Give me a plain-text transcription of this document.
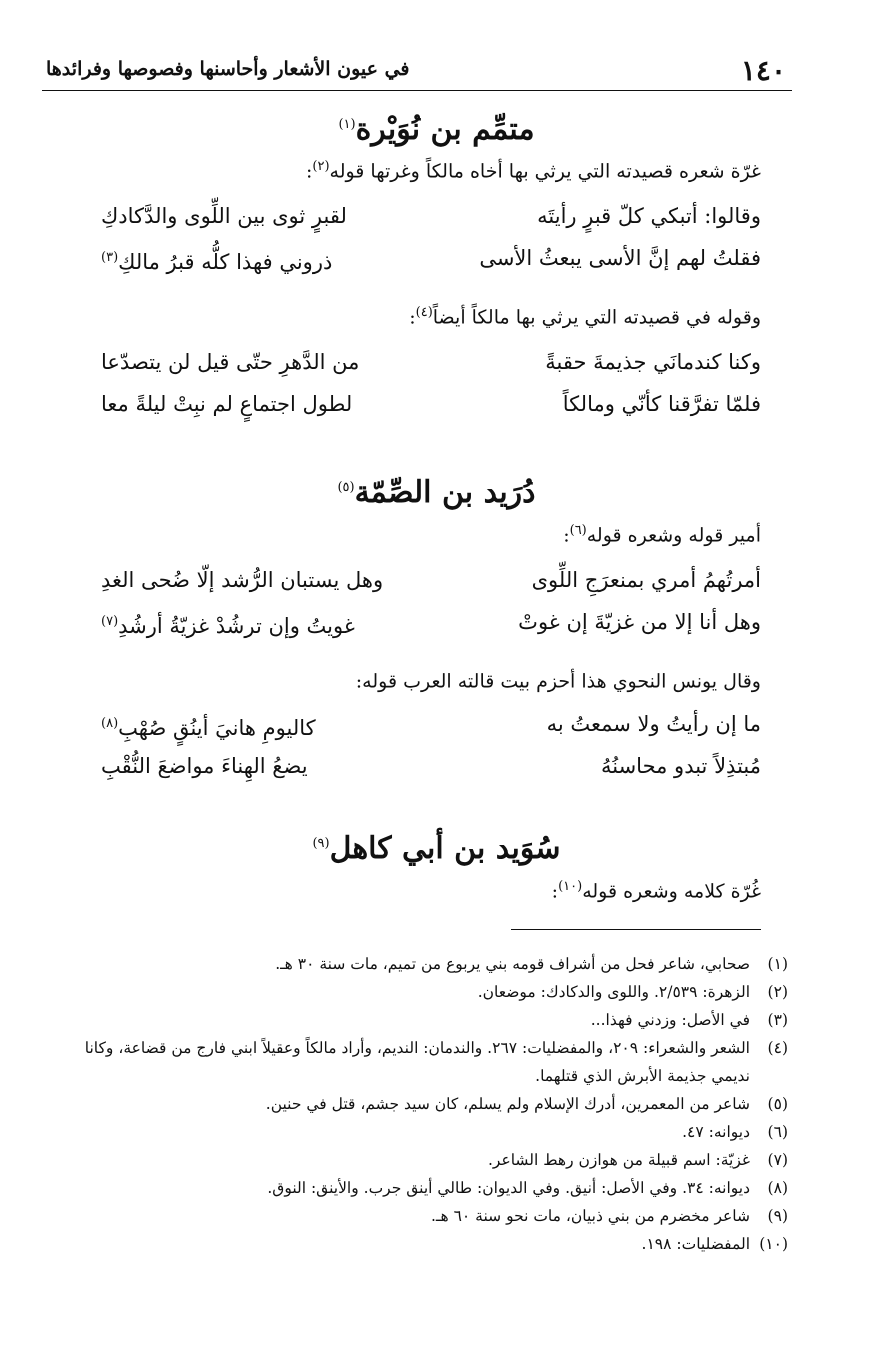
١٤٠
في عيون الأشعار وأحاسنها وفصوصها وفرائدها
متمِّم بن نُوَيْرة$^{(١)}$
غرّة شعره قصيدته التي يرثي بها أخاه مالكاً وغرتها قوله$^{(٢)}$:
وقالوا: أتبكي كلّ قبرٍ رأيتَه
لقبرٍ ثوى بين اللِّوى والدَّكادكِ
فقلتُ لهم إنَّ الأسى يبعثُ الأسى
ذروني فهذا كلُّه قبرُ مالكِ$^{(٣)}$
وقوله في قصيدته التي يرثي بها مالكاً أيضاً$^{(٤)}$:
وكنا كندمانَي جذيمةَ حقبةً
من الدَّهرِ حتّى قيل لن يتصدّعا
فلمّا تفرَّقنا كأنّي ومالكاً
لطول اجتماعٍ لم نبِتْ ليلةً معا
دُرَيد بن الصِّمّة$^{(٥)}$
أمير قوله وشعره قوله$^{(٦)}$:
أمرتُهمُ أمري بمنعرَجِ اللِّوى
وهل يستبان الرُّشد إلّا ضُحى الغدِ
وهل أنا إلا من غزيّةَ إن غوتْ
غويتُ وإن ترشُدْ غزيّةُ أرشُدِ$^{(٧)}$
وقال يونس النحوي هذا أحزم بيت قالته العرب قوله:
ما إن رأيتُ ولا سمعتُ به
كاليومِ هانيَ أينُقٍ صُهْبِ$^{(٨)}$
مُبتذِلاً تبدو محاسنُهُ
يضعُ الهِناءَ مواضعَ النُّقْبِ
سُوَيد بن أبي كاهل$^{(٩)}$
غُرّة كلامه وشعره قوله$^{(١٠)}$:
(١)
صحابي، شاعر فحل من أشراف قومه بني يربوع من تميم، مات سنة ٣٠ هـ.
(٢)
الزهرة: ٢/٥٣٩. واللوى والدكادك: موضعان.
(٣)
في الأصل: وزدني فهذا...
(٤)
الشعر والشعراء: ٢٠٩، والمفضليات: ٢٦٧. والندمان: النديم، وأراد مالكاً وعقيلاً ابني فارج من قضاعة، وكانا نديمي جذيمة الأبرش الذي قتلهما.
(٥)
شاعر من المعمرين، أدرك الإسلام ولم يسلم، كان سيد جشم، قتل في حنين.
(٦)
ديوانه: ٤٧.
(٧)
غزيّة: اسم قبيلة من هوازن رهط الشاعر.
(٨)
ديوانه: ٣٤. وفي الأصل: أنيق. وفي الديوان: طالي أينق جرب. والأينق: النوق.
(٩)
شاعر مخضرم من بني ذبيان، مات نحو سنة ٦٠ هـ.
(١٠)
المفضليات: ١٩٨.
